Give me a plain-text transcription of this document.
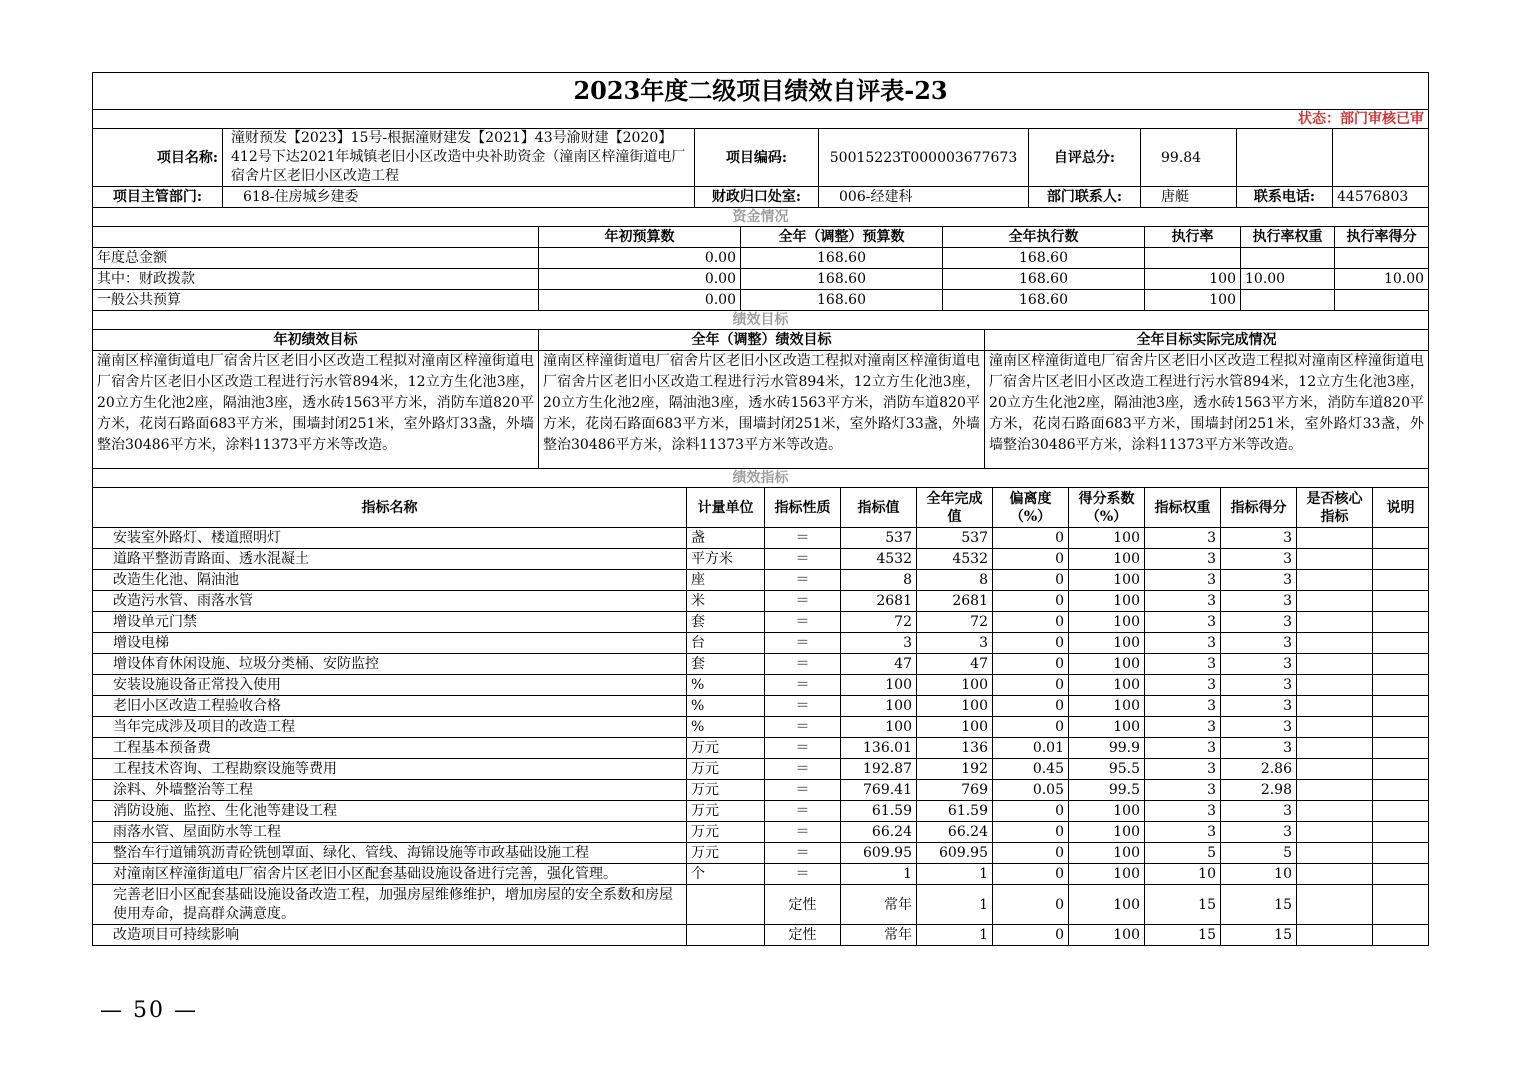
2023年度二级项目绩效自评表-23
状态：部门审核已审
项目名称:	潼财预发【2023】15号-根据潼财建发【2021】43号渝财建【2020】412号下达2021年城镇老旧小区改造中央补助资金（潼南区梓潼街道电厂宿舍片区老旧小区改造工程	项目编码:	50015223T000003677673	自评总分:	99.84		
项目主管部门:	618-住房城乡建委	财政归口处室:	006-经建科	部门联系人:	唐艇	联系电话:	44576803
资金情况						
	年初预算数	全年（调整）预算数	全年执行数	执行率	执行率权重	执行率得分
年度总金额	0.00	168.60	168.60			
其中：财政拨款	0.00	168.60	168.60	100	10.00	10.00
一般公共预算	0.00	168.60	168.60	100		
绩效目标		
年初绩效目标	全年（调整）绩效目标	全年目标实际完成情况
潼南区梓潼街道电厂宿舍片区老旧小区改造工程拟对潼南区梓潼街道电厂宿舍片区老旧小区改造工程进行污水管894米，12立方生化池3座，20立方生化池2座，隔油池3座，透水砖1563平方米，消防车道820平方米，花岗石路面683平方米，围墙封闭251米，室外路灯33盏，外墙整治30486平方米，涂料11373平方米等改造。	潼南区梓潼街道电厂宿舍片区老旧小区改造工程拟对潼南区梓潼街道电厂宿舍片区老旧小区改造工程进行污水管894米，12立方生化池3座，20立方生化池2座，隔油池3座，透水砖1563平方米，消防车道820平方米，花岗石路面683平方米，围墙封闭251米，室外路灯33盏，外墙整治30486平方米，涂料11373平方米等改造。	潼南区梓潼街道电厂宿舍片区老旧小区改造工程拟对潼南区梓潼街道电厂宿舍片区老旧小区改造工程进行污水管894米，12立方生化池3座，20立方生化池2座，隔油池3座，透水砖1563平方米，消防车道820平方米，花岗石路面683平方米，围墙封闭251米，室外路灯33盏，外墙整治30486平方米，涂料11373平方米等改造。
绩效指标										
指标名称	计量单位	指标性质	指标值	全年完成值	偏离度（%）	得分系数（%）	指标权重	指标得分	是否核心指标	说明
安装室外路灯、楼道照明灯	盏	＝	537	537	0	100	3	3		
道路平整沥青路面、透水混凝土	平方米	＝	4532	4532	0	100	3	3		
改造生化池、隔油池	座	＝	8	8	0	100	3	3		
改造污水管、雨落水管	米	＝	2681	2681	0	100	3	3		
增设单元门禁	套	＝	72	72	0	100	3	3		
增设电梯	台	＝	3	3	0	100	3	3		
增设体育休闲设施、垃圾分类桶、安防监控	套	＝	47	47	0	100	3	3		
安装设施设备正常投入使用	%	＝	100	100	0	100	3	3		
老旧小区改造工程验收合格	%	＝	100	100	0	100	3	3		
当年完成涉及项目的改造工程	%	＝	100	100	0	100	3	3		
工程基本预备费	万元	＝	136.01	136	0.01	99.9	3	3		
工程技术咨询、工程勘察设施等费用	万元	＝	192.87	192	0.45	95.5	3	2.86		
涂料、外墙整治等工程	万元	＝	769.41	769	0.05	99.5	3	2.98		
消防设施、监控、生化池等建设工程	万元	＝	61.59	61.59	0	100	3	3		
雨落水管、屋面防水等工程	万元	＝	66.24	66.24	0	100	3	3		
整治车行道铺筑沥青砼铣刨罩面、绿化、管线、海锦设施等市政基础设施工程	万元	＝	609.95	609.95	0	100	5	5		
对潼南区梓潼街道电厂宿舍片区老旧小区配套基础设施设备进行完善，强化管理。	个	＝	1	1	0	100	10	10		
完善老旧小区配套基础设施设备改造工程，加强房屋维修维护，增加房屋的安全系数和房屋使用寿命，提高群众满意度。		定性	常年	1	0	100	15	15		
改造项目可持续影响		定性	常年	1	0	100	15	15		
— 50 —
